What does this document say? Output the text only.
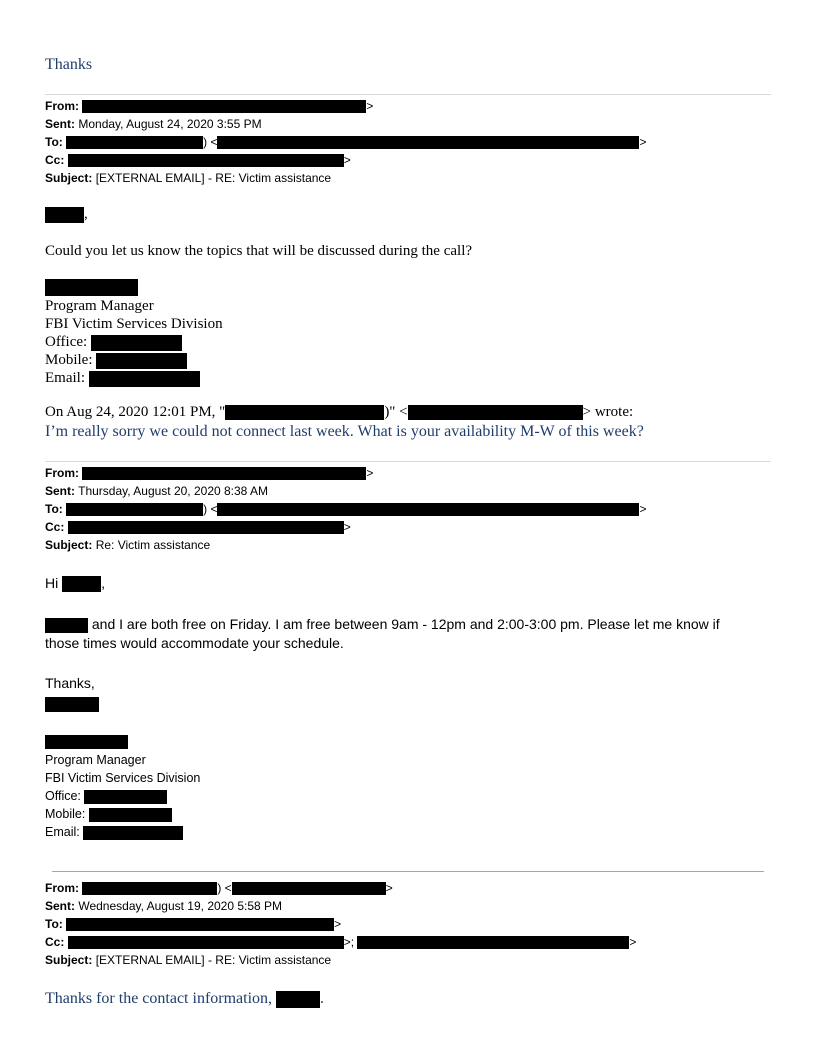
Thanks
From:	>
Sent: Monday, August 24, 2020 3:55 PM
To:	) <	>
Cc:	>
Subject: [EXTERNAL EMAIL] - RE: Victim assistance
,
Could you let us know the topics that will be discussed during the call?
Program Manager
FBI Victim Services Division
Office:
Mobile:
Email:
On Aug 24, 2020 12:01 PM, "	)" <	> wrote:
I’m really sorry we could not connect last week. What is your availability M-W of this week?
From:	>
Sent: Thursday, August 20, 2020 8:38 AM
To:	) <	>
Cc:	>
Subject: Re: Victim assistance
Hi	,
and I are both free on Friday. I am free between 9am - 12pm and 2:00-3:00 pm. Please let me know if
those times would accommodate your schedule.
Thanks,
Program Manager
FBI Victim Services Division
Office:
Mobile:
Email:
From:	) <	>
Sent: Wednesday, August 19, 2020 5:58 PM
To:	>
Cc:	>;	>
Subject: [EXTERNAL EMAIL] - RE: Victim assistance
Thanks for the contact information,	.
